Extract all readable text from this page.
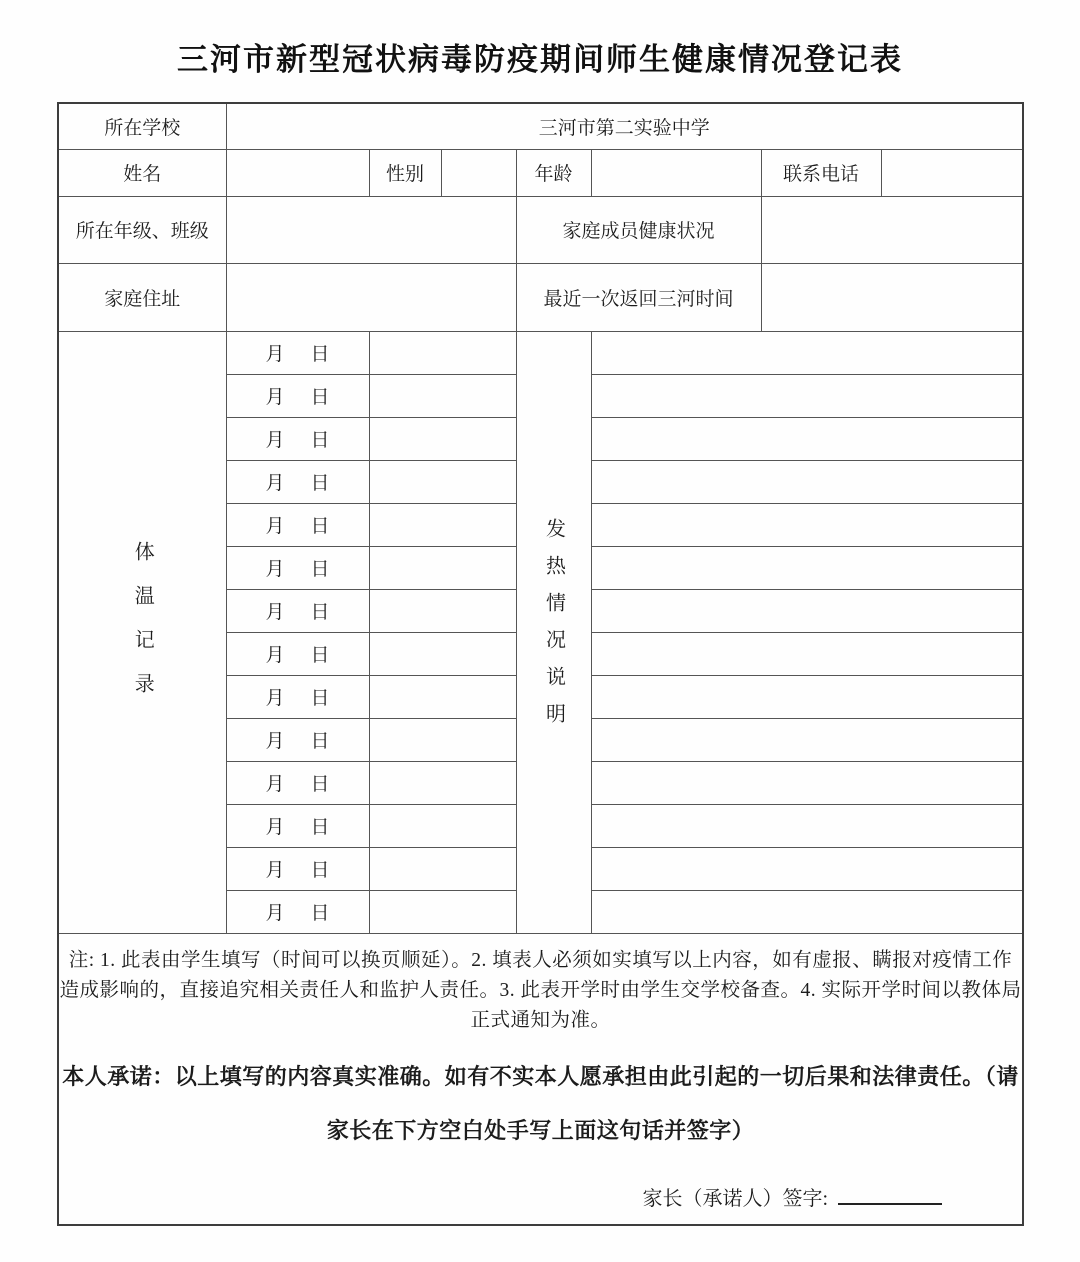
三河市新型冠状病毒防疫期间师生健康情况登记表
所在学校	三河市第二实验中学						
姓名		性别		年龄		联系电话	
所在年级、班级				家庭成员健康状况			
家庭住址				最近一次返回三河时间			
体温记录	月 日			发热情况说明			
	月 日						
	月 日						
	月 日						
	月 日						
	月 日						
	月 日						
	月 日						
	月 日						
	月 日						
	月 日						
	月 日						
	月 日						
	月 日						

注: 1. 此表由学生填写（时间可以换页顺延）。2. 填表人必须如实填写以上内容，如有虚报、瞒报对疫情工作造成影响的，直接追究相关责任人和监护人责任。3. 此表开学时由学生交学校备查。4. 实际开学时间以教体局正式通知为准。

本人承诺：以上填写的内容真实准确。如有不实本人愿承担由此引起的一切后果和法律责任。（请家长在下方空白处手写上面这句话并签字）

家长（承诺人）签字:							
